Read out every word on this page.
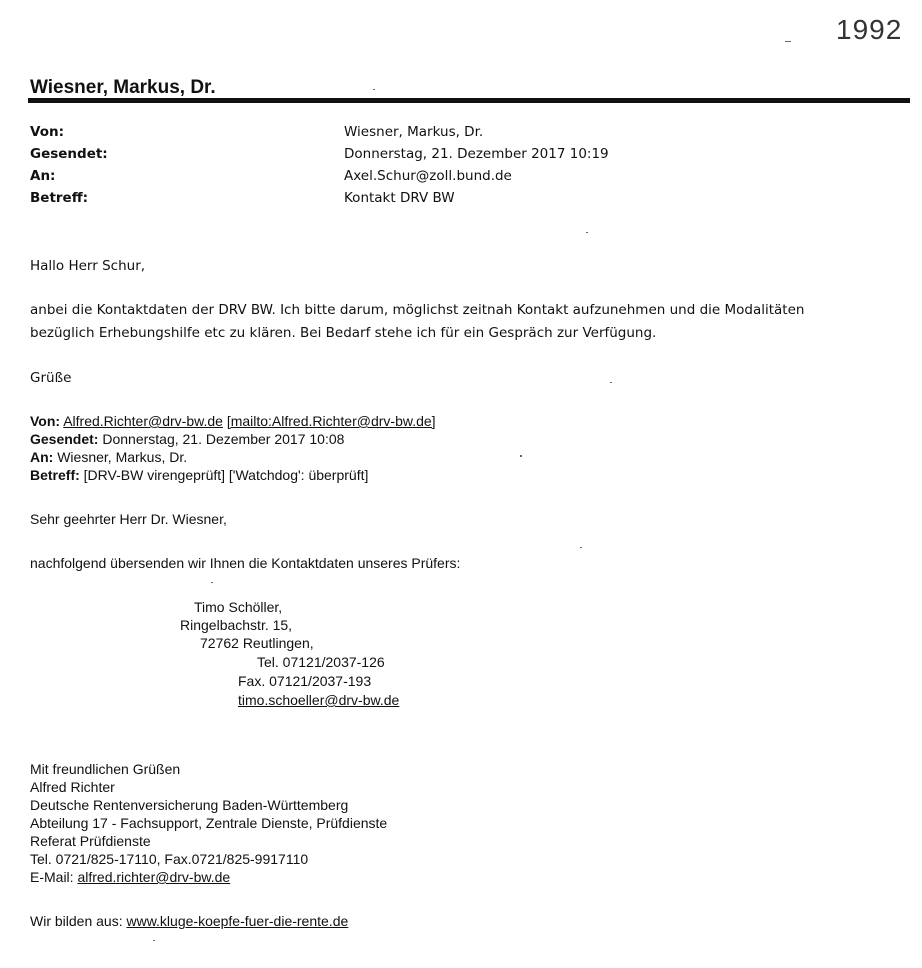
1992
Wiesner, Markus, Dr.
Von:	Wiesner, Markus, Dr.
Gesendet:	Donnerstag, 21. Dezember 2017 10:19
An:	Axel.Schur@zoll.bund.de
Betreff:	Kontakt DRV BW
Hallo Herr Schur,
anbei die Kontaktdaten der DRV BW. Ich bitte darum, möglichst zeitnah Kontakt aufzunehmen und die Modalitäten
bezüglich Erhebungshilfe etc zu klären. Bei Bedarf stehe ich für ein Gespräch zur Verfügung.
Grüße
Von: Alfred.Richter@drv-bw.de [mailto:Alfred.Richter@drv-bw.de]
Gesendet: Donnerstag, 21. Dezember 2017 10:08
An: Wiesner, Markus, Dr.
Betreff: [DRV-BW virengeprüft] ['Watchdog': überprüft]
Sehr geehrter Herr Dr. Wiesner,
nachfolgend übersenden wir Ihnen die Kontaktdaten unseres Prüfers:
Timo Schöller,
Ringelbachstr. 15,
72762 Reutlingen,
Tel. 07121/2037-126
Fax. 07121/2037-193
timo.schoeller@drv-bw.de
Mit freundlichen Grüßen
Alfred Richter
Deutsche Rentenversicherung Baden-Württemberg
Abteilung 17 - Fachsupport, Zentrale Dienste, Prüfdienste
Referat Prüfdienste
Tel. 0721/825-17110, Fax.0721/825-9917110
E-Mail: alfred.richter@drv-bw.de
Wir bilden aus: www.kluge-koepfe-fuer-die-rente.de
